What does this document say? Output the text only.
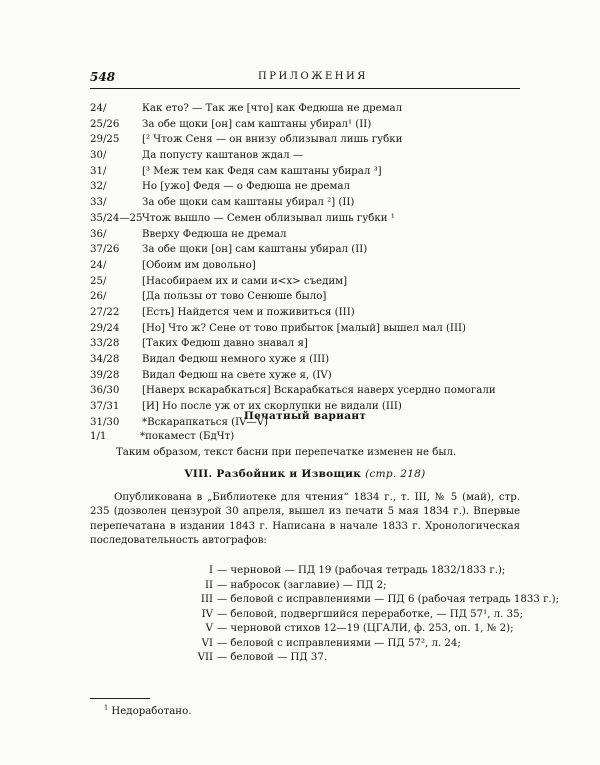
548	ПРИЛОЖЕНИЯ
24/	Как ето? — Так же [что] как Федюша не дремал
25/26	За обе щоки [он] сам каштаны убирал¹ (II)
29/25	[² Чтож Сеня — он внизу облизывал лишь губки
30/	Да попусту каштанов ждал —
31/	[³ Меж тем как Федя сам каштаны убирал ³]
32/	Но [ужо] Федя — о Федюша не дремал
33/	За обе щоки сам каштаны убирал ²] (II)
35/24—25 Чтож вышло — Семен облизывал лишь губки ¹
36/	Вверху Федюша не дремал
37/26	За обе щоки [он] сам каштаны убирал (II)
24/	[Обоим им довольно]
25/	[Насобираем их и сами и<х> съедим]
26/	[Да пользы от тово Сенюше было]
27/22	[Есть] Найдется чем и поживиться (III)
29/24	[Но] Что ж? Сене от тово прибыток [малый] вышел мал (III)
33/28	[Таких Федюш давно знавал я]
34/28	Видал Федюш немного хуже я (III)
39/28	Видал Федюш на свете хуже я, (IV)
36/30	[Наверх вскарабкаться] Вскарабкаться наверх усердно помогали
37/31	[И] Но после уж от их скорлупки не видали (III)
31/30	*Вскарапкаться (IV—V)
Печатный вариант
1/1	*покамест (БдЧт)
Таким образом, текст басни при перепечатке изменен не был.
VIII. Разбойник и Извощик (стр. 218)
Опубликована в „Библиотеке для чтения“ 1834 г., т. III, № 5 (май), стр. 235 (дозволен цензурой 30 апреля, вышел из печати 5 мая 1834 г.). Впервые перепечатана в издании 1843 г. Написана в начале 1833 г. Хронологическая последовательность автографов:
I — черновой — ПД 19 (рабочая тетрадь 1832/1833 г.);
II — набросок (заглавие) — ПД 2;
III — беловой с исправлениями — ПД 6 (рабочая тетрадь 1833 г.);
IV — беловой, подвергшийся переработке, — ПД 57¹, л. 35;
V — черновой стихов 12—19 (ЦГАЛИ, ф. 253, оп. 1, № 2);
VI — беловой с исправлениями — ПД 57², л. 24;
VII — беловой — ПД 37.
$^1$ Недоработано.
